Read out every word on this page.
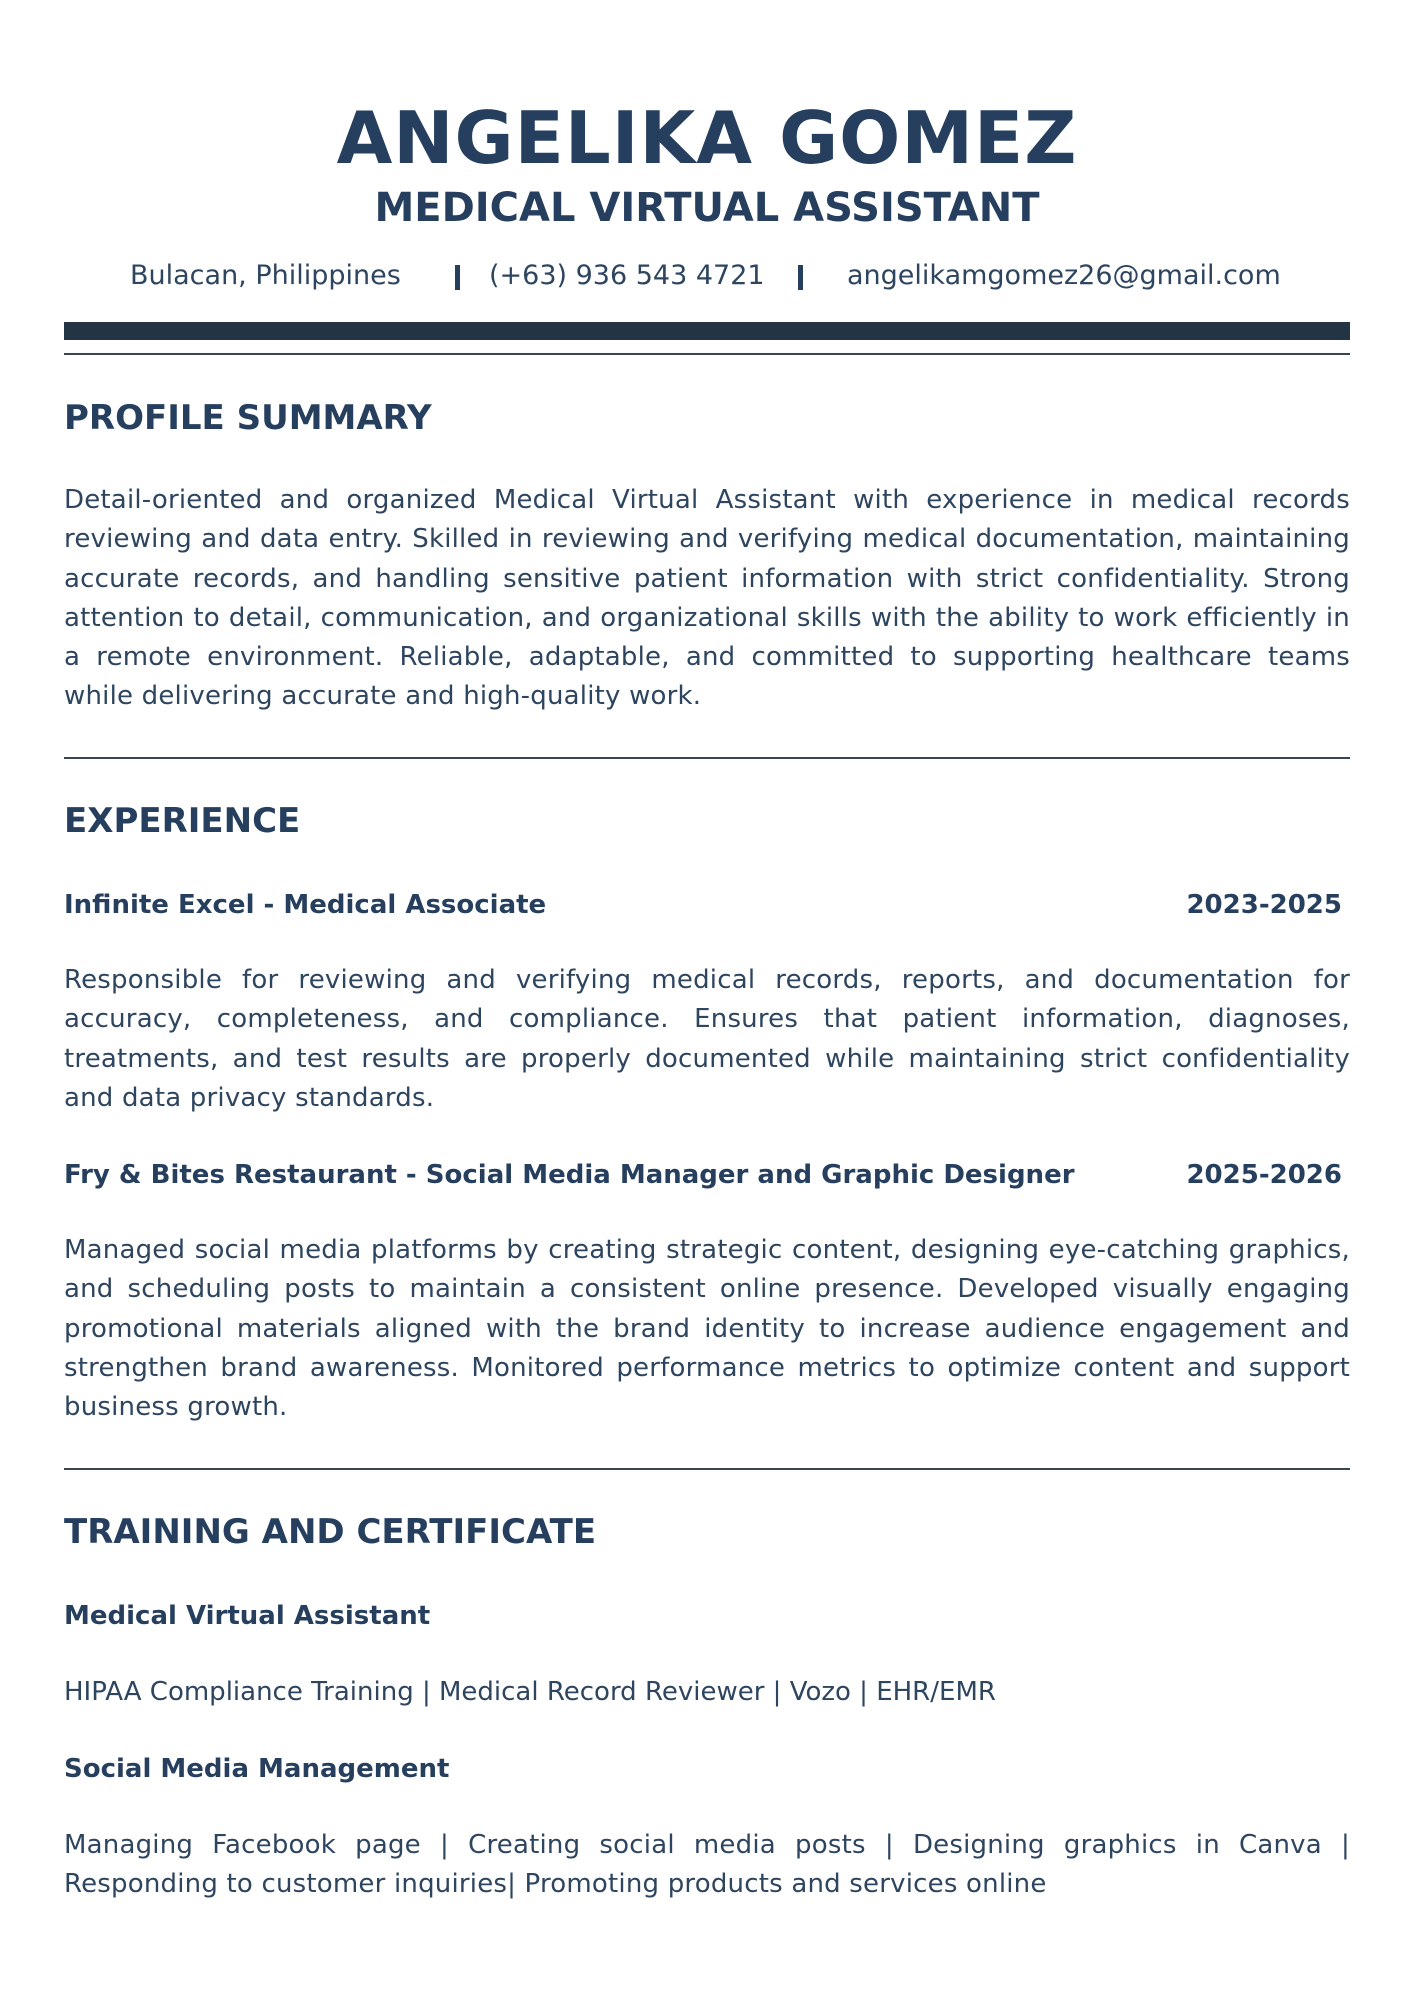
ANGELIKA GOMEZ
MEDICAL VIRTUAL ASSISTANT
Bulacan, Philippines	(+63) 936 543 4721	angelikamgomez26@gmail.com
PROFILE SUMMARY
Detail-oriented and organized Medical Virtual Assistant with experience in medical records reviewing and data entry. Skilled in reviewing and verifying medical documentation, maintaining accurate records, and handling sensitive patient information with strict confidentiality. Strong attention to detail, communication, and organizational skills with the ability to work efficiently in a remote environment. Reliable, adaptable, and committed to supporting healthcare teams while delivering accurate and high-quality work.
EXPERIENCE
Infinite Excel - Medical Associate	2023-2025
Responsible for reviewing and verifying medical records, reports, and documentation for accuracy, completeness, and compliance. Ensures that patient information, diagnoses, treatments, and test results are properly documented while maintaining strict confidentiality and data privacy standards.
Fry & Bites Restaurant - Social Media Manager and Graphic Designer	2025-2026
Managed social media platforms by creating strategic content, designing eye-catching graphics, and scheduling posts to maintain a consistent online presence. Developed visually engaging promotional materials aligned with the brand identity to increase audience engagement and strengthen brand awareness. Monitored performance metrics to optimize content and support business growth.
TRAINING AND CERTIFICATE
Medical Virtual Assistant
HIPAA Compliance Training | Medical Record Reviewer | Vozo | EHR/EMR
Social Media Management
Managing Facebook page | Creating social media posts | Designing graphics in Canva | Responding to customer inquiries| Promoting products and services online
